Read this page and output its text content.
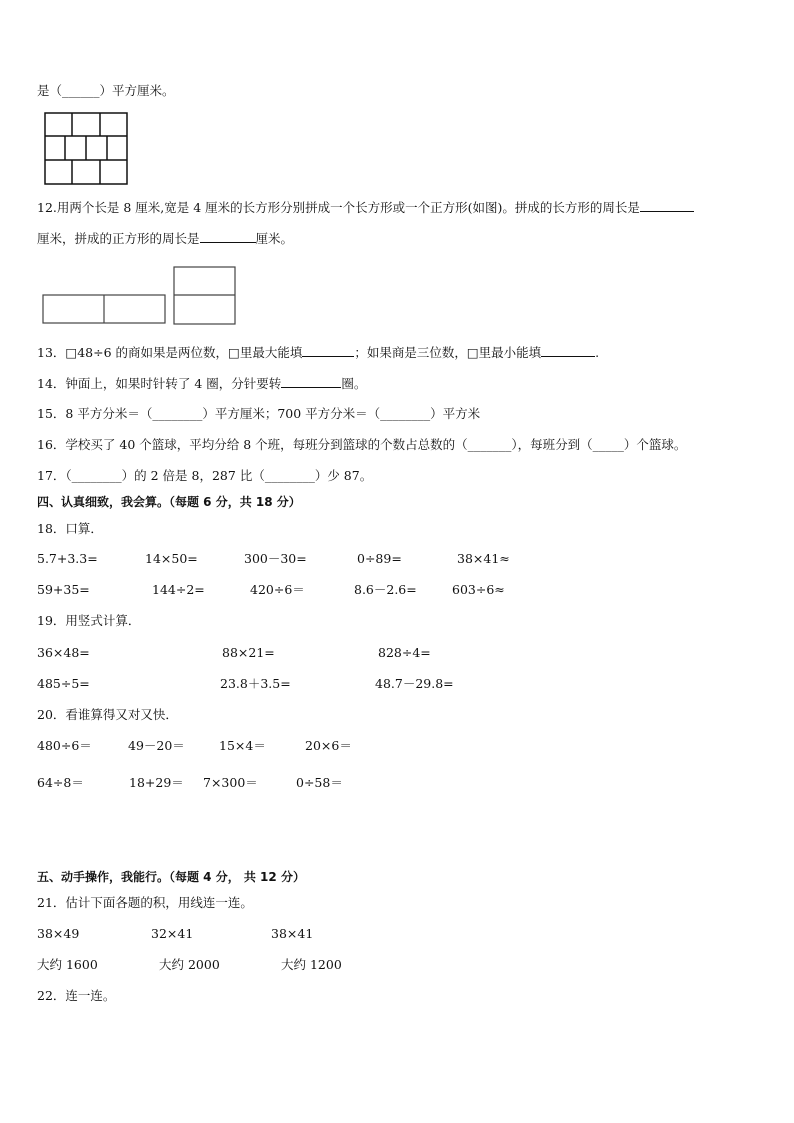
是（______）平方厘米。
12.用两个长是 8 厘米,宽是 4 厘米的长方形分别拼成一个长方形或一个正方形(如图)。拼成的长方形的周长是
厘米，拼成的正方形的周长是	厘米。
13．□48÷6 的商如果是两位数，□里最大能填	；如果商是三位数，□里最小能填	.
14．钟面上，如果时针转了 4 圈，分针要转	圈。
15．8 平方分米＝（________）平方厘米；700 平方分米＝（________）平方米
16．学校买了 40 个篮球，平均分给 8 个班，每班分到篮球的个数占总数的（_______），每班分到（_____）个篮球。
17．（________）的 2 倍是 8，287 比（________）少 87。
四、认真细致，我会算。（每题 6 分，共 18 分）
18．口算．
5.7+3.3=	14×50=	300－30=	0÷89=	38×41≈
59+35=	144÷2=	420÷6＝	8.6－2.6=	603÷6≈
19．用竖式计算．
36×48=	88×21=	828÷4=
485÷5=	23.8＋3.5=	48.7－29.8=
20．看谁算得又对又快．
480÷6＝	49－20＝	15×4＝	20×6＝
64÷8＝	18+29＝ 7×300＝	0÷58＝
五、动手操作，我能行。（每题 4 分， 共 12 分）
21．估计下面各题的积，用线连一连。
38×49	32×41	38×41
大约 1600	大约 2000	大约 1200
22．连一连。
